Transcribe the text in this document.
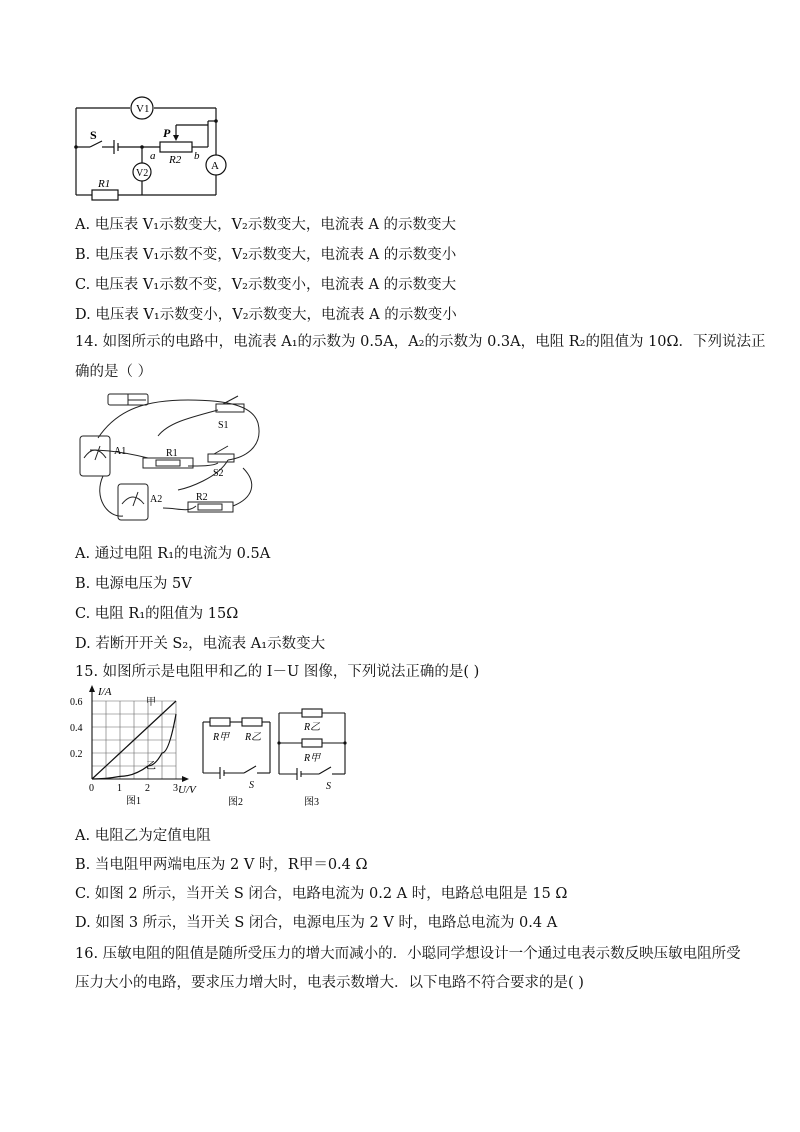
V1
V2
A
S	P
R2
a	b
R1
A. 电压表 V₁示数变大，V₂示数变大，电流表 A 的示数变大
B. 电压表 V₁示数不变，V₂示数变大，电流表 A 的示数变小
C. 电压表 V₁示数不变，V₂示数变小，电流表 A 的示数变大
D. 电压表 V₁示数变小，V₂示数变大，电流表 A 的示数变小
14. 如图所示的电路中，电流表 A₁的示数为 0.5A，A₂的示数为 0.3A，电阻 R₂的阻值为 10Ω．下列说法正
确的是（ ）
S1
S2
R1
R2
A1
A2
A. 通过电阻 R₁的电流为 0.5A
B. 电源电压为 5V
C. 电阻 R₁的阻值为 15Ω
D. 若断开开关 S₂，电流表 A₁示数变大
15. 如图所示是电阻甲和乙的 I－U 图像，下列说法正确的是( )
0.6
0.4
0.2
0 1 2 3
I/A
U/V
甲
乙
图1
R甲 R乙
S
图2
R乙
R甲
S
图3
A. 电阻乙为定值电阻
B. 当电阻甲两端电压为 2 V 时，R甲＝0.4 Ω
C. 如图 2 所示，当开关 S 闭合，电路电流为 0.2 A 时，电路总电阻是 15 Ω
D. 如图 3 所示，当开关 S 闭合，电源电压为 2 V 时，电路总电流为 0.4 A
16. 压敏电阻的阻值是随所受压力的增大而减小的．小聪同学想设计一个通过电表示数反映压敏电阻所受
压力大小的电路，要求压力增大时，电表示数增大．以下电路不符合要求的是( )
